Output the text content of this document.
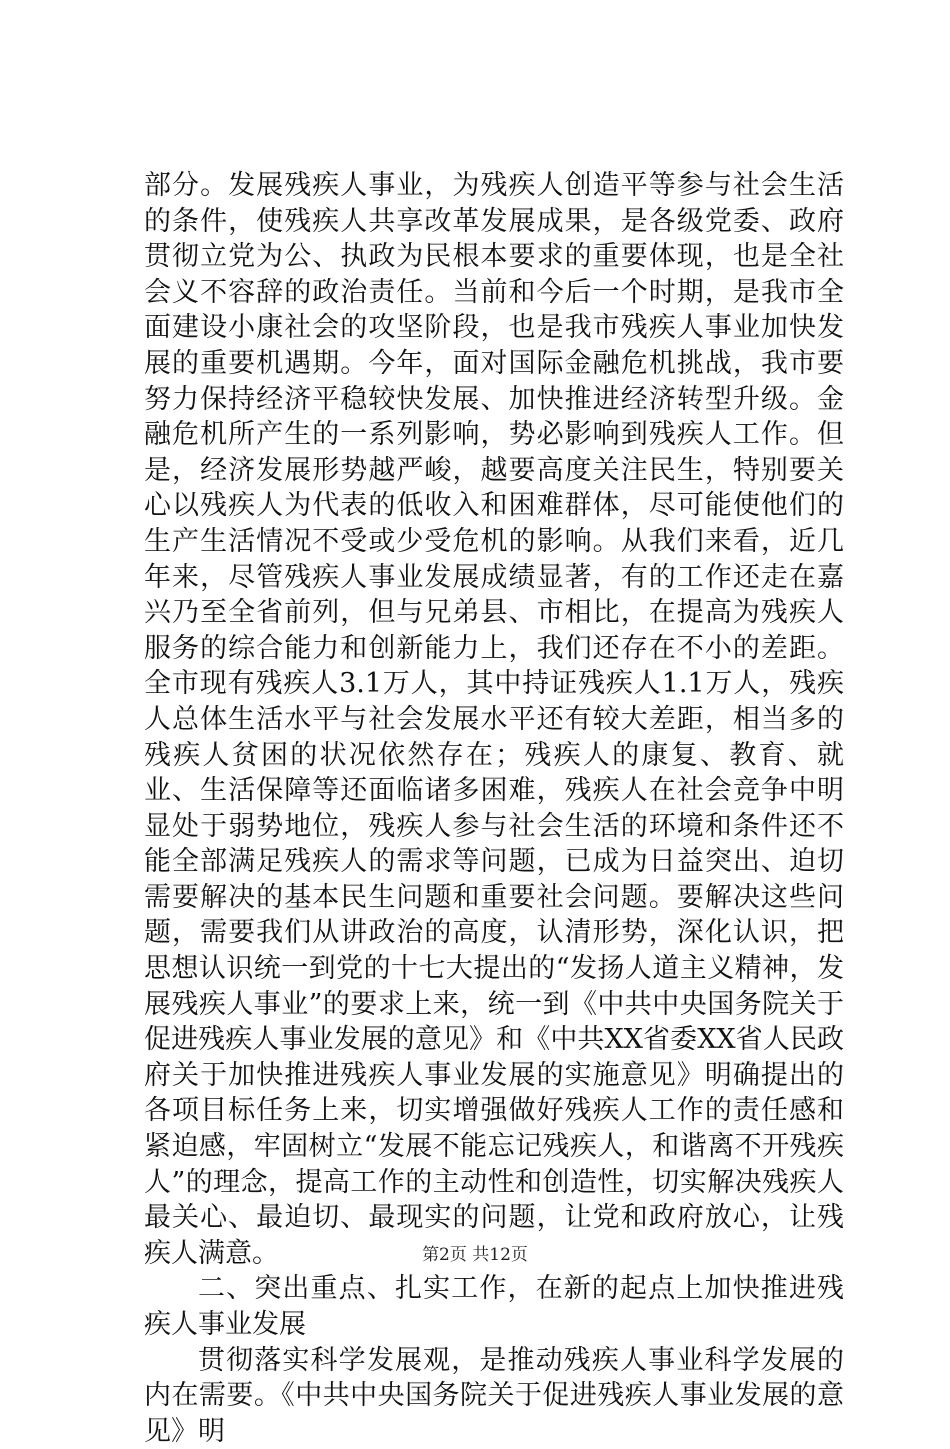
部分。发展残疾人事业，为残疾人创造平等参与社会生活的条件，使残疾人共享改革发展成果，是各级党委、政府贯彻立党为公、执政为民根本要求的重要体现，也是全社会义不容辞的政治责任。当前和今后一个时期，是我市全面建设小康社会的攻坚阶段，也是我市残疾人事业加快发展的重要机遇期。今年，面对国际金融危机挑战，我市要努力保持经济平稳较快发展、加快推进经济转型升级。金融危机所产生的一系列影响，势必影响到残疾人工作。但是，经济发展形势越严峻，越要高度关注民生，特别要关心以残疾人为代表的低收入和困难群体，尽可能使他们的生产生活情况不受或少受危机的影响。从我们来看，近几年来，尽管残疾人事业发展成绩显著，有的工作还走在嘉兴乃至全省前列，但与兄弟县、市相比，在提高为残疾人服务的综合能力和创新能力上，我们还存在不小的差距。全市现有残疾人3.1万人，其中持证残疾人1.1万人，残疾人总体生活水平与社会发展水平还有较大差距，相当多的残疾人贫困的状况依然存在；残疾人的康复、教育、就业、生活保障等还面临诸多困难，残疾人在社会竞争中明显处于弱势地位，残疾人参与社会生活的环境和条件还不能全部满足残疾人的需求等问题，已成为日益突出、迫切需要解决的基本民生问题和重要社会问题。要解决这些问题，需要我们从讲政治的高度，认清形势，深化认识，把思想认识统一到党的十七大提出的“发扬人道主义精神，发展残疾人事业”的要求上来，统一到《中共中央国务院关于促进残疾人事业发展的意见》和《中共XX省委XX省人民政府关于加快推进残疾人事业发展的实施意见》明确提出的各项目标任务上来，切实增强做好残疾人工作的责任感和紧迫感，牢固树立“发展不能忘记残疾人，和谐离不开残疾人”的理念，提高工作的主动性和创造性，切实解决残疾人最关心、最迫切、最现实的问题，让党和政府放心，让残疾人满意。

二、突出重点、扎实工作，在新的起点上加快推进残疾人事业发展

贯彻落实科学发展观，是推动残疾人事业科学发展的内在需要。《中共中央国务院关于促进残疾人事业发展的意见》明

第2页 共12页
